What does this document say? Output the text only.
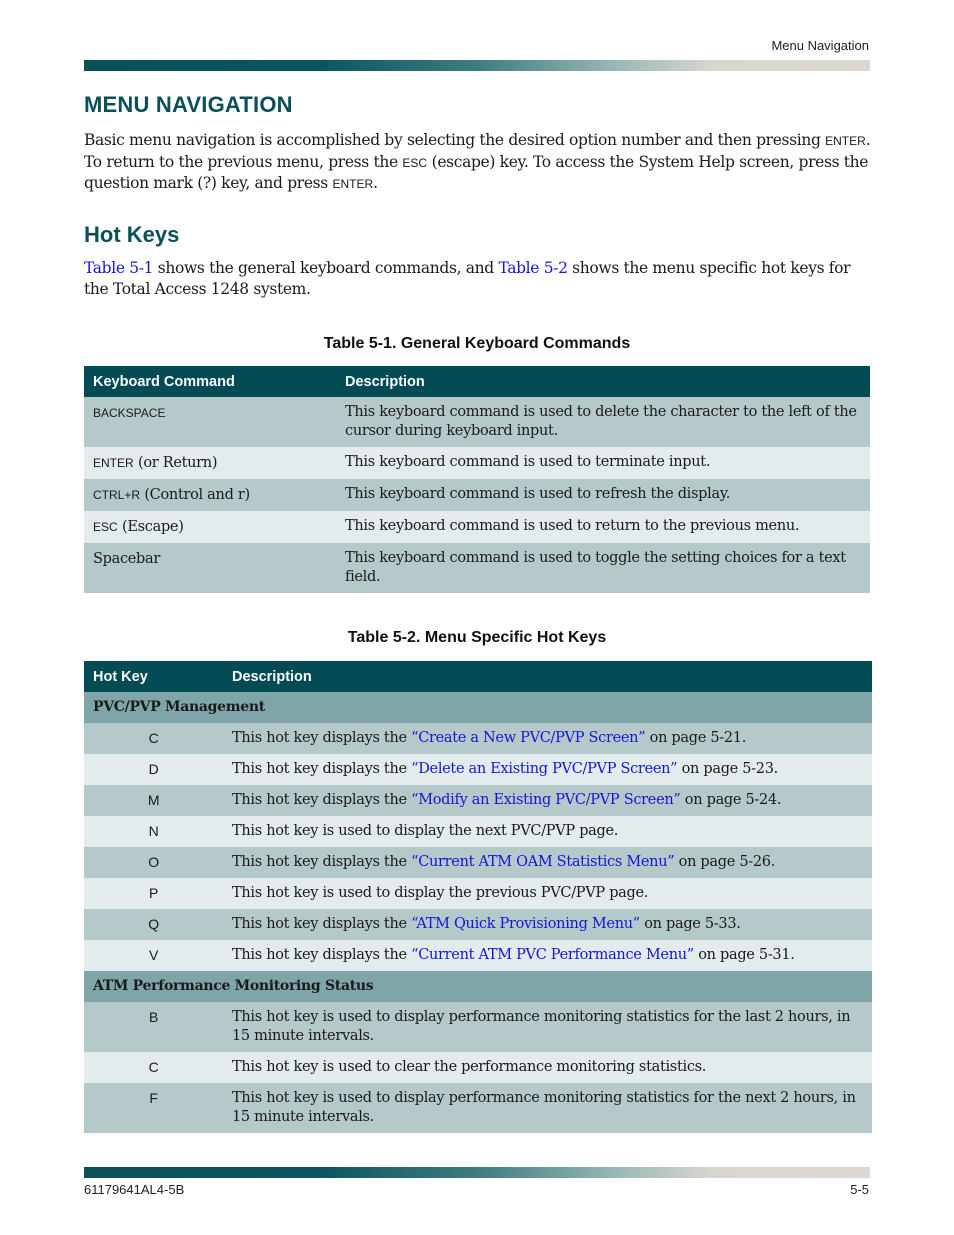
Menu Navigation
MENU NAVIGATION

Basic menu navigation is accomplished by selecting the desired option number and then pressing ENTER. To return to the previous menu, press the ESC (escape) key. To access the System Help screen, press the question mark (?) key, and press ENTER.

Hot Keys

Table 5-1 shows the general keyboard commands, and Table 5-2 shows the menu specific hot keys for the Total Access 1248 system.

Table 5-1. General Keyboard Commands

Keyboard Command	Description
BACKSPACE	This keyboard command is used to delete the character to the left of the cursor during keyboard input.
ENTER (or Return)	This keyboard command is used to terminate input.
CTRL+R (Control and r)	This keyboard command is used to refresh the display.
ESC (Escape)	This keyboard command is used to return to the previous menu.
Spacebar	This keyboard command is used to toggle the setting choices for a text field.

Table 5-2. Menu Specific Hot Keys

Hot Key	Description
PVC/PVP Management	
C	This hot key displays the “Create a New PVC/PVP Screen” on page 5-21.
D	This hot key displays the “Delete an Existing PVC/PVP Screen” on page 5-23.
M	This hot key displays the “Modify an Existing PVC/PVP Screen” on page 5-24.
N	This hot key is used to display the next PVC/PVP page.
O	This hot key displays the “Current ATM OAM Statistics Menu” on page 5-26.
P	This hot key is used to display the previous PVC/PVP page.
Q	This hot key displays the “ATM Quick Provisioning Menu” on page 5-33.
V	This hot key displays the “Current ATM PVC Performance Menu” on page 5-31.
ATM Performance Monitoring Status	
B	This hot key is used to display performance monitoring statistics for the last 2 hours, in 15 minute intervals.
C	This hot key is used to clear the performance monitoring statistics.
F	This hot key is used to display performance monitoring statistics for the next 2 hours, in 15 minute intervals.
61179641AL4-5B	5-5
